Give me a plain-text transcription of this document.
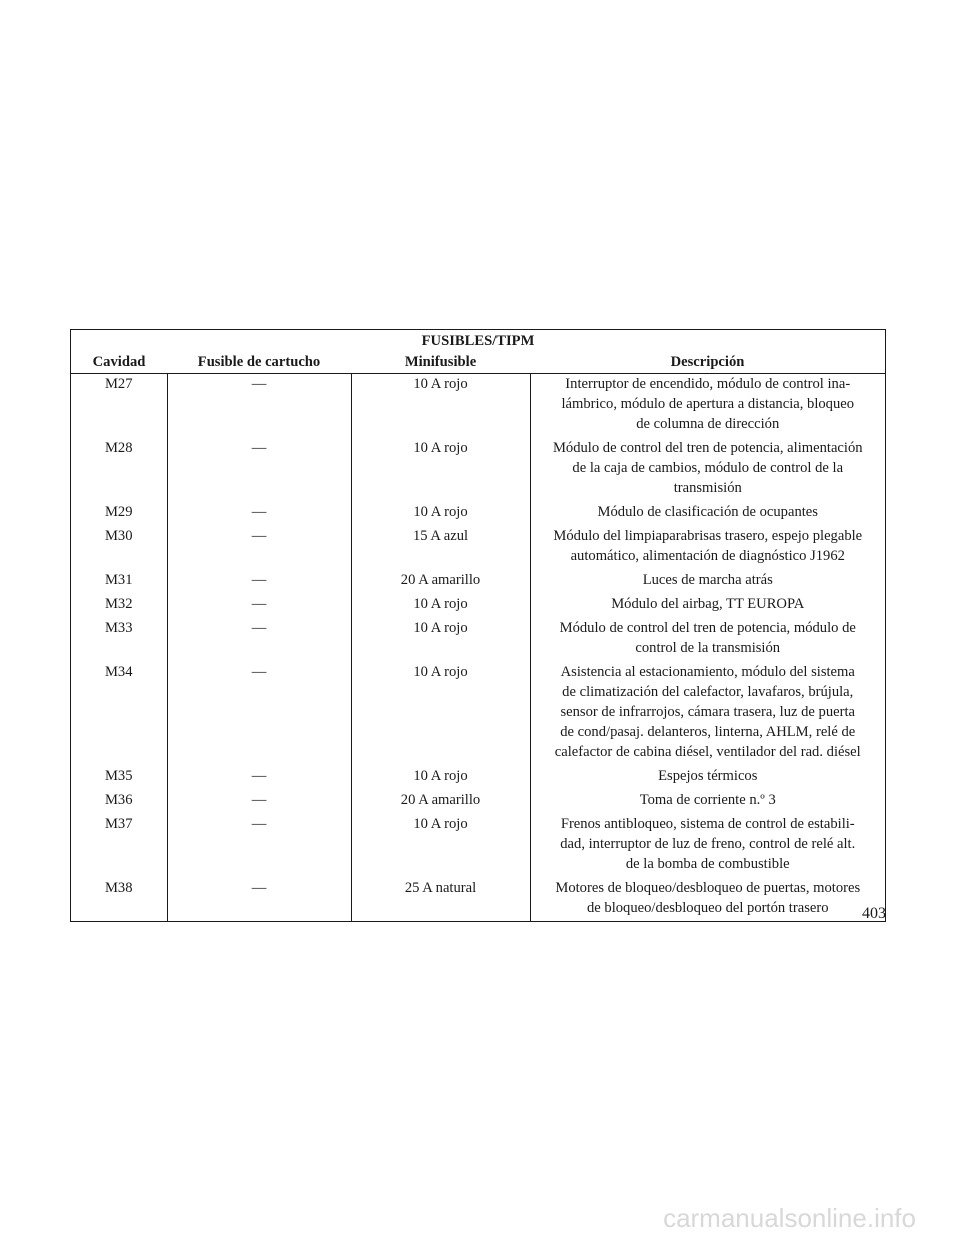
FUSIBLES/TIPM			
Cavidad	Fusible de cartucho	Minifusible	Descripción
M27	—	10 A rojo	Interruptor de encendido, módulo de control ina-
lámbrico, módulo de apertura a distancia, bloqueo
de columna de dirección
M28	—	10 A rojo	Módulo de control del tren de potencia, alimentación
de la caja de cambios, módulo de control de la
transmisión
M29	—	10 A rojo	Módulo de clasificación de ocupantes
M30	—	15 A azul	Módulo del limpiaparabrisas trasero, espejo plegable
automático, alimentación de diagnóstico J1962
M31	—	20 A amarillo	Luces de marcha atrás
M32	—	10 A rojo	Módulo del airbag, TT EUROPA
M33	—	10 A rojo	Módulo de control del tren de potencia, módulo de
control de la transmisión
M34	—	10 A rojo	Asistencia al estacionamiento, módulo del sistema
de climatización del calefactor, lavafaros, brújula,
sensor de infrarrojos, cámara trasera, luz de puerta
de cond/pasaj. delanteros, linterna, AHLM, relé de
calefactor de cabina diésel, ventilador del rad. diésel
M35	—	10 A rojo	Espejos térmicos
M36	—	20 A amarillo	Toma de corriente n.º 3
M37	—	10 A rojo	Frenos antibloqueo, sistema de control de estabili-
dad, interruptor de luz de freno, control de relé alt.
de la bomba de combustible
M38	—	25 A natural	Motores de bloqueo/desbloqueo de puertas, motores
de bloqueo/desbloqueo del portón trasero 403
carmanualsonline.info
